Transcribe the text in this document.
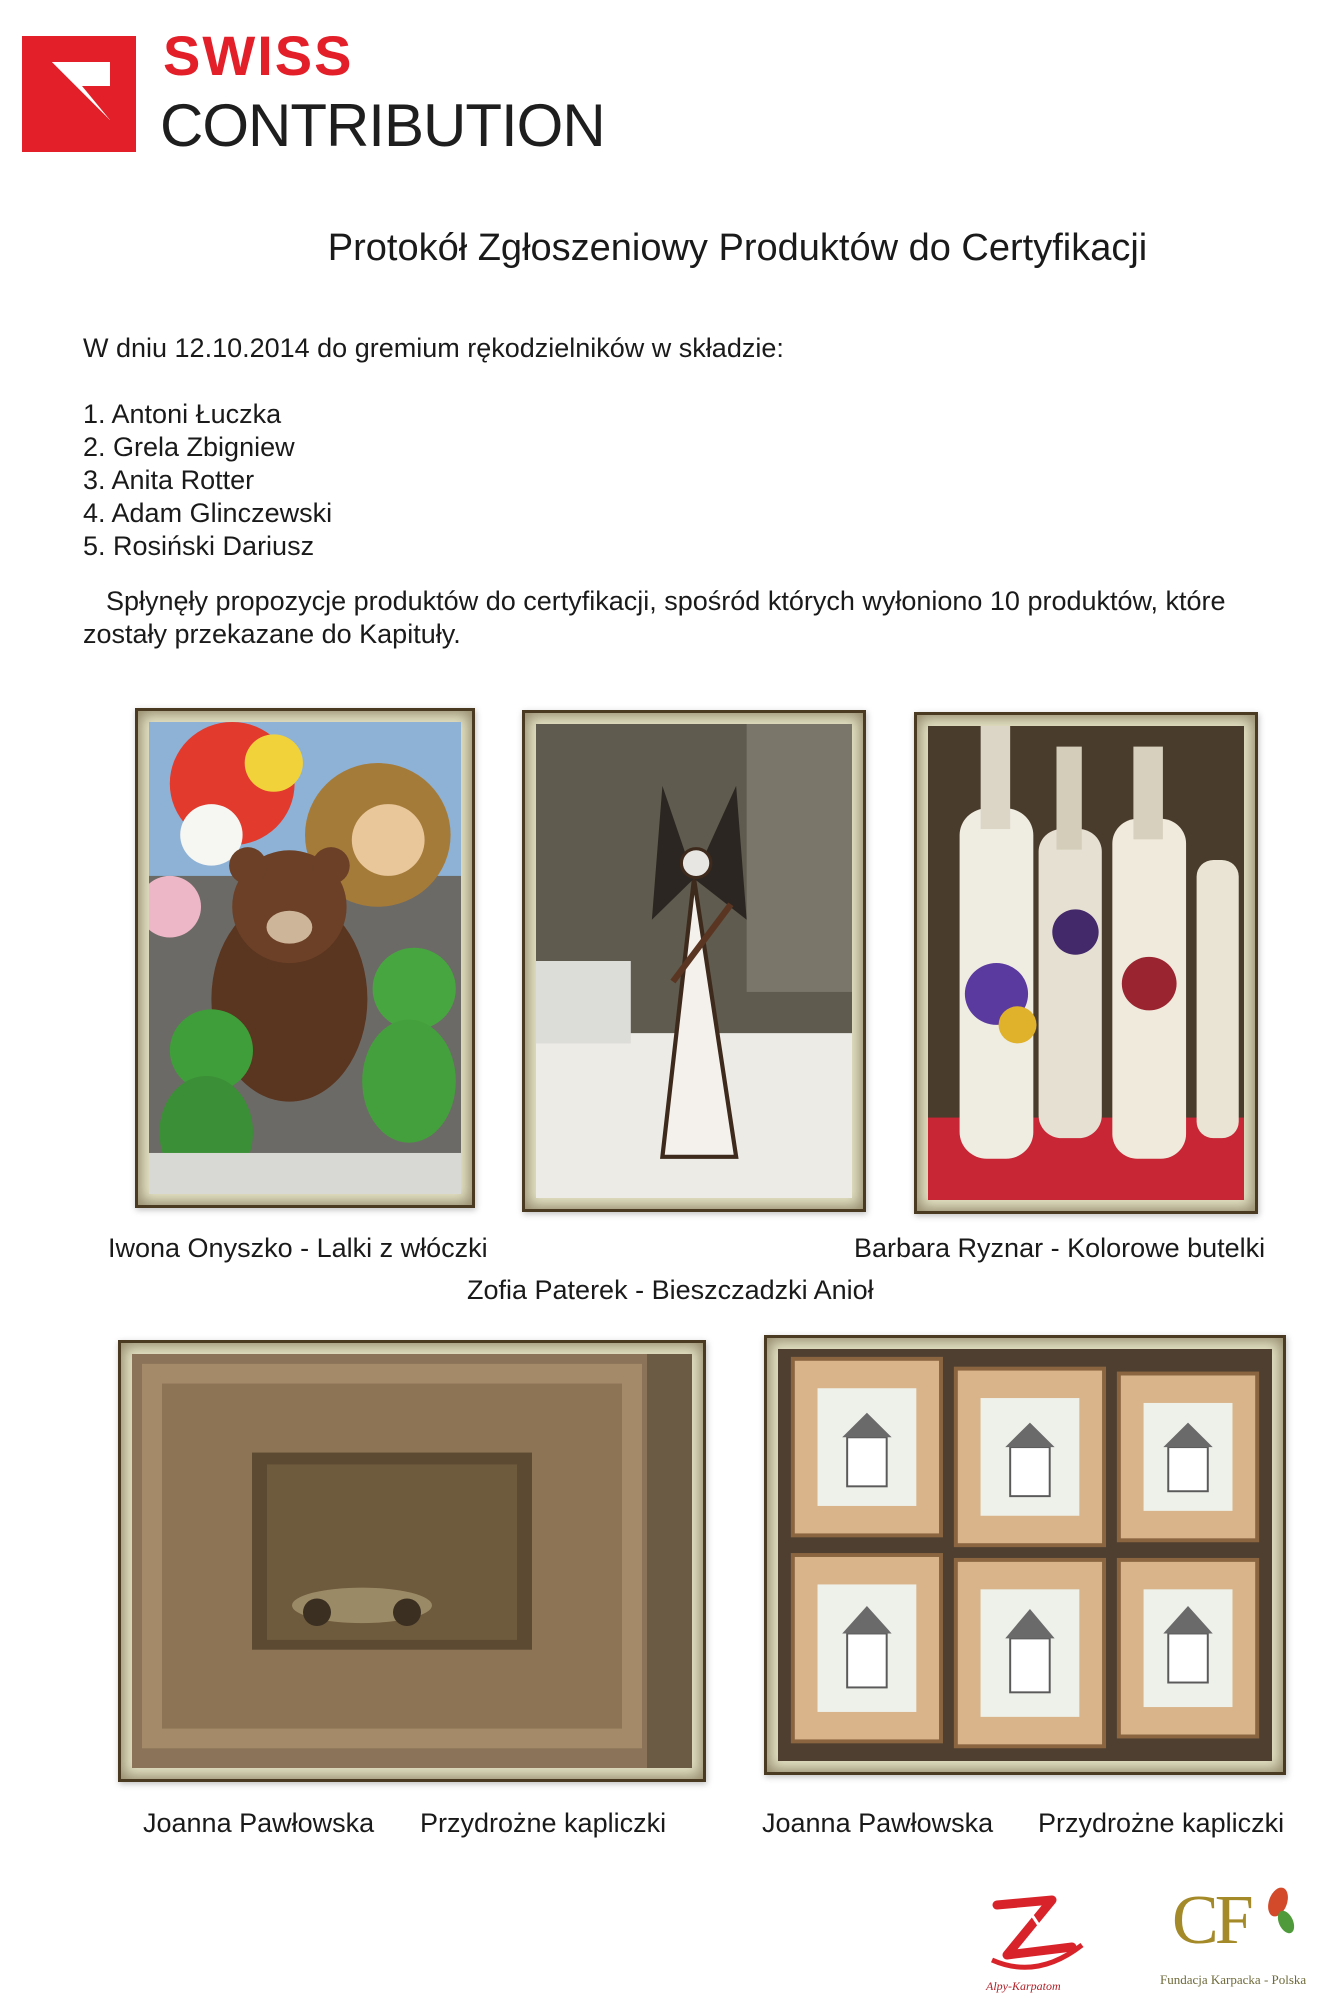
SWISS
CONTRIBUTION
Protokół Zgłoszeniowy Produktów do Certyfikacji
W dniu 12.10.2014 do gremium rękodzielników w składzie:
1. Antoni Łuczka
2. Grela Zbigniew
3. Anita Rotter
4. Adam Glinczewski
5. Rosiński Dariusz
Spłynęły propozycje produktów do certyfikacji, spośród których wyłoniono 10 produktów, które
zostały przekazane do Kapituły.
Iwona Onyszko - Lalki z włóczki
Zofia Paterek - Bieszczadzki Anioł
Barbara Ryznar - Kolorowe butelki
Joanna Pawłowska Przydrożne kapliczki	Joanna Pawłowska Przydrożne kapliczki
Alpy-Karpatom
CF
Fundacja Karpacka - Polska
